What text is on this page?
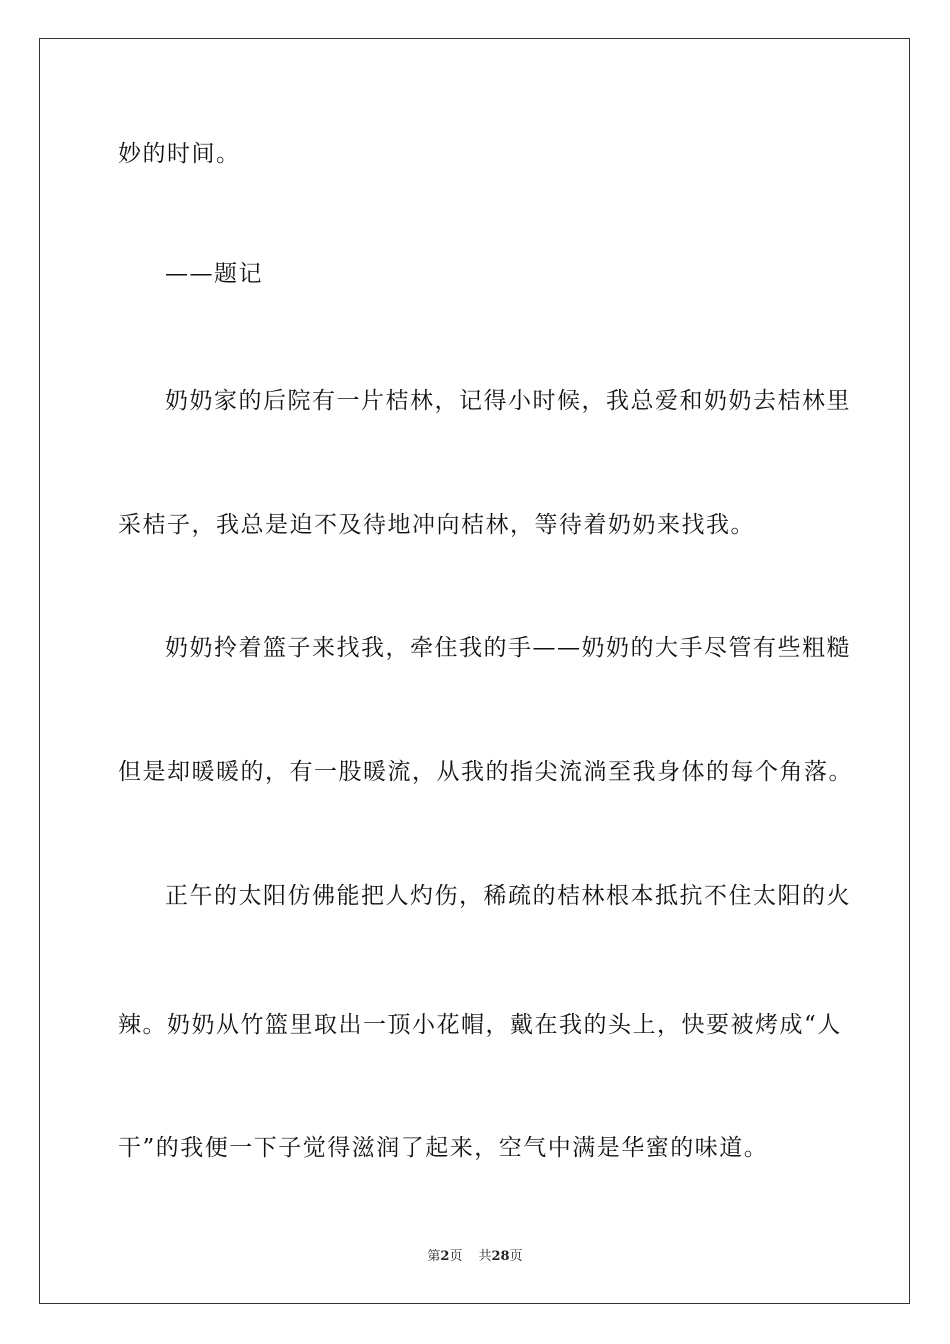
妙的时间。
——题记
奶奶家的后院有一片桔林，记得小时候，我总爱和奶奶去桔林里
采桔子，我总是迫不及待地冲向桔林，等待着奶奶来找我。
奶奶拎着篮子来找我，牵住我的手——奶奶的大手尽管有些粗糙
但是却暖暖的，有一股暖流，从我的指尖流淌至我身体的每个角落。
正午的太阳仿佛能把人灼伤，稀疏的桔林根本抵抗不住太阳的火
辣。奶奶从竹篮里取出一顶小花帽，戴在我的头上，快要被烤成“人
干”的我便一下子觉得滋润了起来，空气中满是华蜜的味道。
第2页 共28页
